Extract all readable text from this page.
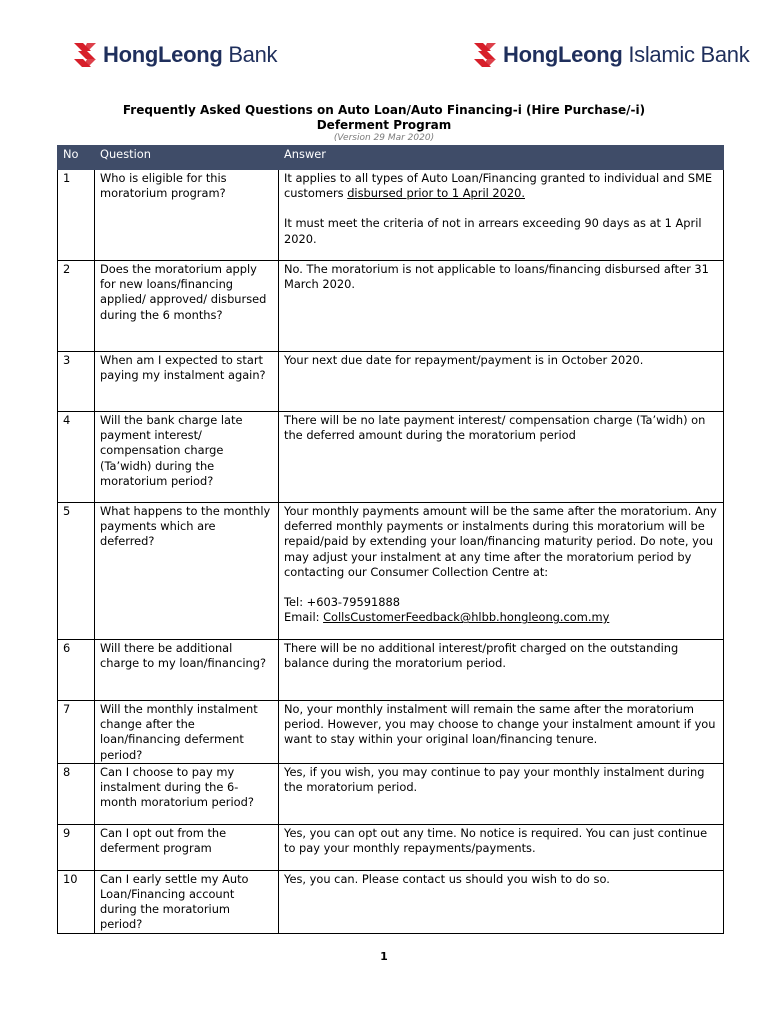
HongLeong Bank	HongLeong Islamic Bank
Frequently Asked Questions on Auto Loan/Auto Financing-i (Hire Purchase/-i)
Deferment Program
(Version 29 Mar 2020)
No	Question	Answer
1	Who is eligible for this moratorium program?	It applies to all types of Auto Loan/Financing granted to individual and SME customers disbursed prior to 1 April 2020.

It must meet the criteria of not in arrears exceeding 90 days as at 1 April 2020.

2	Does the moratorium apply for new loans/financing applied/ approved/ disbursed during the 6 months?	No. The moratorium is not applicable to loans/financing disbursed after 31 March 2020.
3	When am I expected to start paying my instalment again?	Your next due date for repayment/payment is in October 2020.
4	Will the bank charge late payment interest/ compensation charge (Ta’widh) during the moratorium period?	There will be no late payment interest/ compensation charge (Ta’widh) on the deferred amount during the moratorium period
5	What happens to the monthly payments which are deferred?	Your monthly payments amount will be the same after the moratorium. Any deferred monthly payments or instalments during this moratorium will be repaid/paid by extending your loan/financing maturity period. Do note, you may adjust your instalment at any time after the moratorium period by contacting our Consumer Collection Centre at:

Tel: +603-79591888

Email: CollsCustomerFeedback@hlbb.hongleong.com.my

6	Will there be additional charge to my loan/financing?	There will be no additional interest/profit charged on the outstanding balance during the moratorium period.
7	Will the monthly instalment change after the loan/financing deferment period?	No, your monthly instalment will remain the same after the moratorium period. However, you may choose to change your instalment amount if you want to stay within your original loan/financing tenure.
8	Can I choose to pay my instalment during the 6-month moratorium period?	Yes, if you wish, you may continue to pay your monthly instalment during the moratorium period.
9	Can I opt out from the deferment program	Yes, you can opt out any time. No notice is required. You can just continue to pay your monthly repayments/payments.
10	Can I early settle my Auto Loan/Financing account during the moratorium period?	Yes, you can. Please contact us should you wish to do so.
1
